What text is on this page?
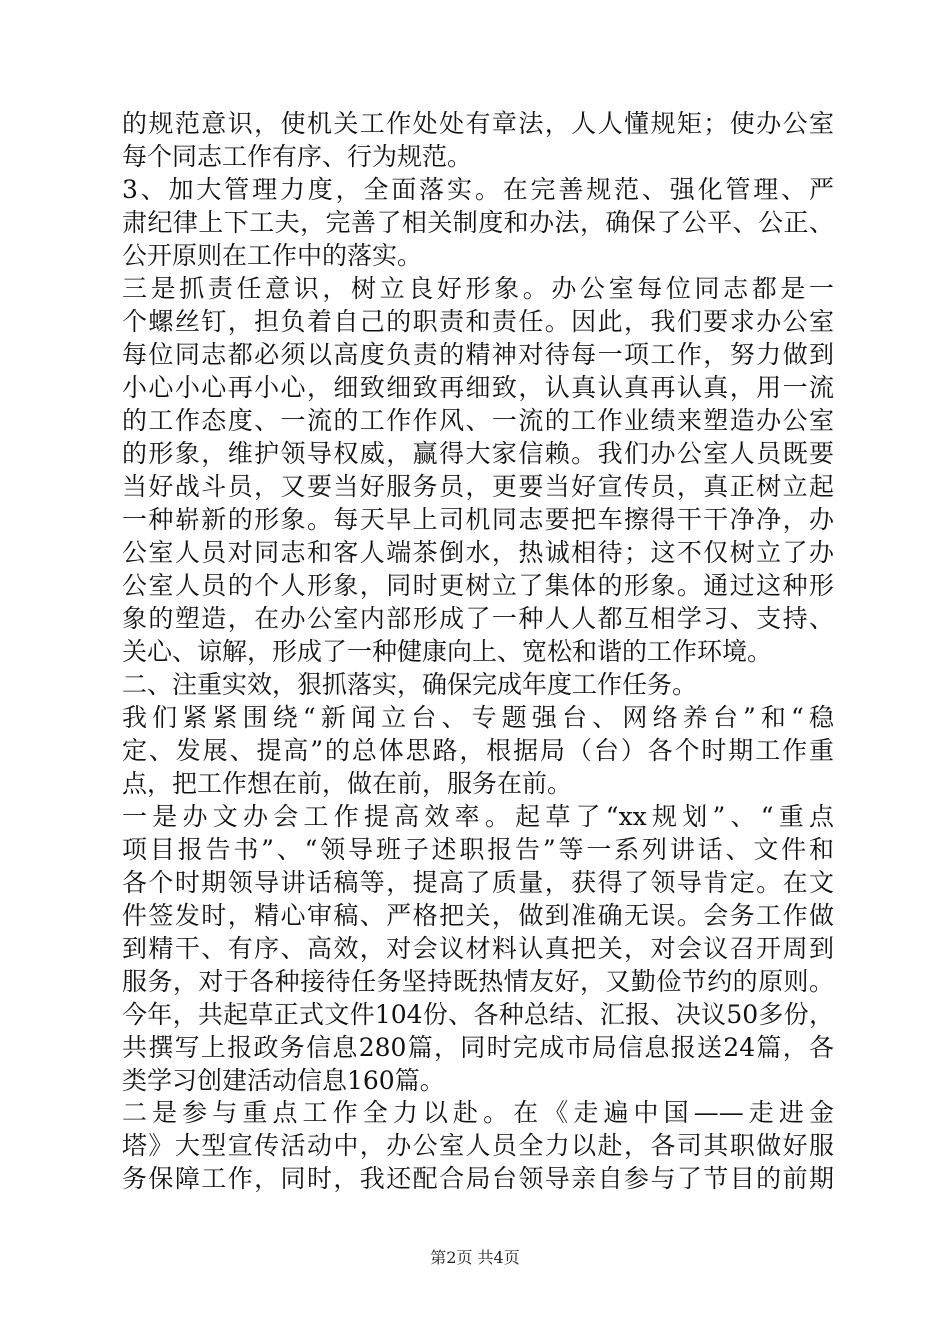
的规范意识，使机关工作处处有章法，人人懂规矩；使办公室
每个同志工作有序、行为规范。
3、加大管理力度，全面落实。在完善规范、强化管理、严
肃纪律上下工夫，完善了相关制度和办法，确保了公平、公正、
公开原则在工作中的落实。
三是抓责任意识，树立良好形象。办公室每位同志都是一
个螺丝钉，担负着自己的职责和责任。因此，我们要求办公室
每位同志都必须以高度负责的精神对待每一项工作，努力做到
小心小心再小心，细致细致再细致，认真认真再认真，用一流
的工作态度、一流的工作作风、一流的工作业绩来塑造办公室
的形象，维护领导权威，赢得大家信赖。我们办公室人员既要
当好战斗员，又要当好服务员，更要当好宣传员，真正树立起
一种崭新的形象。每天早上司机同志要把车擦得干干净净，办
公室人员对同志和客人端茶倒水，热诚相待；这不仅树立了办
公室人员的个人形象，同时更树立了集体的形象。通过这种形
象的塑造，在办公室内部形成了一种人人都互相学习、支持、
关心、谅解，形成了一种健康向上、宽松和谐的工作环境。
二、注重实效，狠抓落实，确保完成年度工作任务。
我们紧紧围绕“新闻立台、专题强台、网络养台”和“稳
定、发展、提高”的总体思路，根据局（台）各个时期工作重
点，把工作想在前，做在前，服务在前。
一是办文办会工作提高效率。起草了“xx规划”、“重点
项目报告书”、“领导班子述职报告”等一系列讲话、文件和
各个时期领导讲话稿等，提高了质量，获得了领导肯定。在文
件签发时，精心审稿、严格把关，做到准确无误。会务工作做
到精干、有序、高效，对会议材料认真把关，对会议召开周到
服务，对于各种接待任务坚持既热情友好，又勤俭节约的原则。
今年，共起草正式文件104份、各种总结、汇报、决议50多份，
共撰写上报政务信息280篇，同时完成市局信息报送24篇，各
类学习创建活动信息160篇。
二是参与重点工作全力以赴。在《走遍中国——走进金
塔》大型宣传活动中，办公室人员全力以赴，各司其职做好服
务保障工作，同时，我还配合局台领导亲自参与了节目的前期
第2页 共4页
